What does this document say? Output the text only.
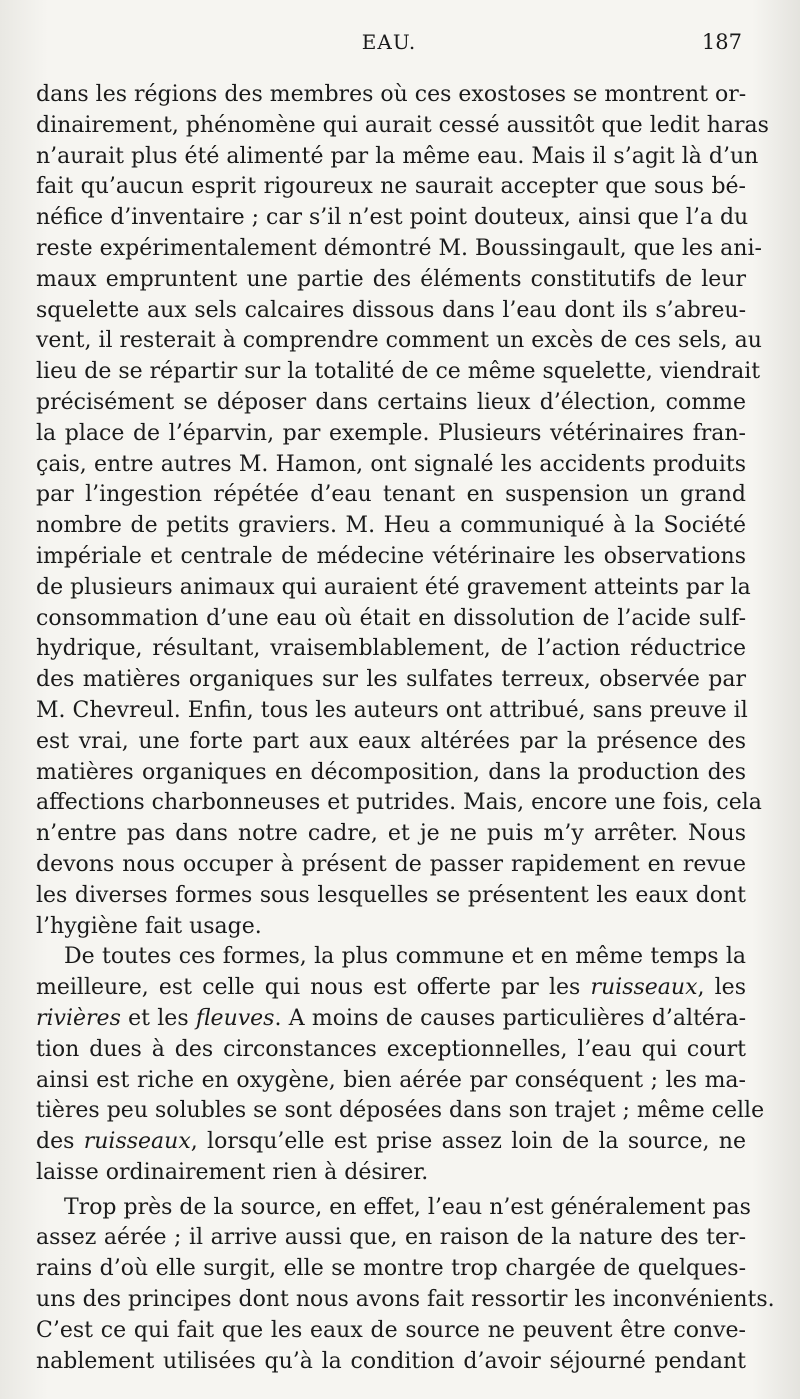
EAU.	187

dans les régions des membres où ces exostoses se montrent or-
dinairement, phénomène qui aurait cessé aussitôt que ledit haras
n’aurait plus été alimenté par la même eau. Mais il s’agit là d’un
fait qu’aucun esprit rigoureux ne saurait accepter que sous bé-
néfice d’inventaire ; car s’il n’est point douteux, ainsi que l’a du
reste expérimentalement démontré M. Boussingault, que les ani-
maux empruntent une partie des éléments constitutifs de leur
squelette aux sels calcaires dissous dans l’eau dont ils s’abreu-
vent, il resterait à comprendre comment un excès de ces sels, au
lieu de se répartir sur la totalité de ce même squelette, viendrait
précisément se déposer dans certains lieux d’élection, comme
la place de l’éparvin, par exemple. Plusieurs vétérinaires fran-
çais, entre autres M. Hamon, ont signalé les accidents produits
par l’ingestion répétée d’eau tenant en suspension un grand
nombre de petits graviers. M. Heu a communiqué à la Société
impériale et centrale de médecine vétérinaire les observations
de plusieurs animaux qui auraient été gravement atteints par la
consommation d’une eau où était en dissolution de l’acide sulf-
hydrique, résultant, vraisemblablement, de l’action réductrice
des matières organiques sur les sulfates terreux, observée par
M. Chevreul. Enfin, tous les auteurs ont attribué, sans preuve il
est vrai, une forte part aux eaux altérées par la présence des
matières organiques en décomposition, dans la production des
affections charbonneuses et putrides. Mais, encore une fois, cela
n’entre pas dans notre cadre, et je ne puis m’y arrêter. Nous
devons nous occuper à présent de passer rapidement en revue
les diverses formes sous lesquelles se présentent les eaux dont
l’hygiène fait usage.

De toutes ces formes, la plus commune et en même temps la
meilleure, est celle qui nous est offerte par les ruisseaux, les
rivières et les fleuves. A moins de causes particulières d’altéra-
tion dues à des circonstances exceptionnelles, l’eau qui court
ainsi est riche en oxygène, bien aérée par conséquent ; les ma-
tières peu solubles se sont déposées dans son trajet ; même celle
des ruisseaux, lorsqu’elle est prise assez loin de la source, ne
laisse ordinairement rien à désirer.

Trop près de la source, en effet, l’eau n’est généralement pas
assez aérée ; il arrive aussi que, en raison de la nature des ter-
rains d’où elle surgit, elle se montre trop chargée de quelques-
uns des principes dont nous avons fait ressortir les inconvénients.
C’est ce qui fait que les eaux de source ne peuvent être conve-
nablement utilisées qu’à la condition d’avoir séjourné pendant
